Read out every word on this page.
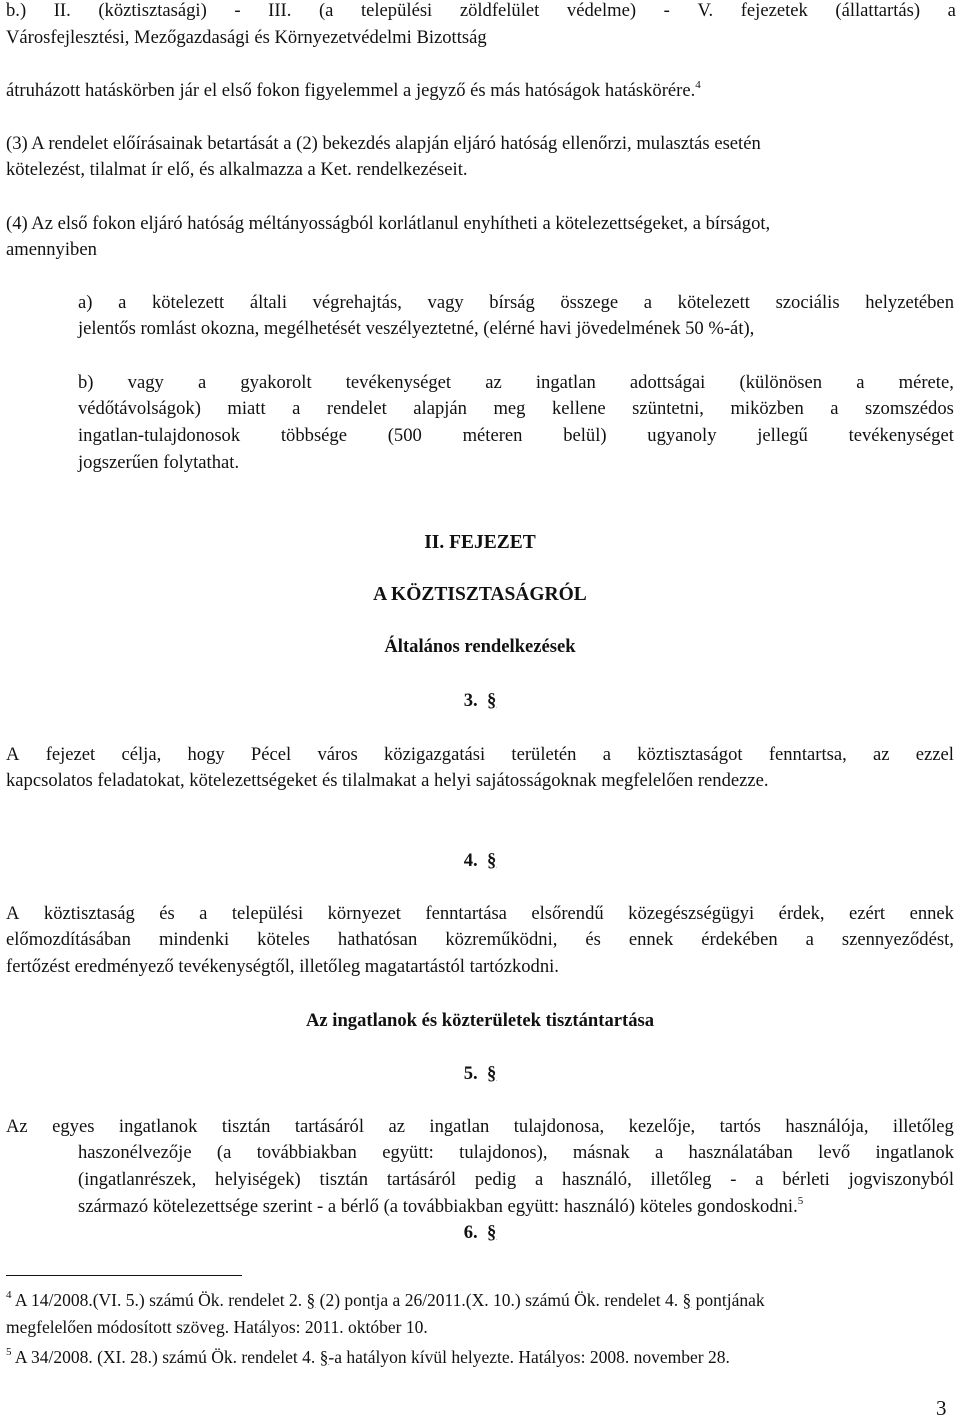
b.) II. (köztisztasági) - III. (a települési zöldfelület védelme) - V. fejezetek (állattartás) a
Városfejlesztési, Mezőgazdasági és Környezetvédelmi Bizottság
átruházott hatáskörben jár el első fokon figyelemmel a jegyző és más hatóságok hatáskörére.$^4$
(3) A rendelet előírásainak betartását a (2) bekezdés alapján eljáró hatóság ellenőrzi, mulasztás esetén
kötelezést, tilalmat ír elő, és alkalmazza a Ket. rendelkezéseit.
(4) Az első fokon eljáró hatóság méltányosságból korlátlanul enyhítheti a kötelezettségeket, a bírságot,
amennyiben
a) a kötelezett általi végrehajtás, vagy bírság összege a kötelezett szociális helyzetében
jelentős romlást okozna, megélhetését veszélyeztetné, (elérné havi jövedelmének 50 %-át),
b) vagy a gyakorolt tevékenységet az ingatlan adottságai (különösen a mérete,
védőtávolságok) miatt a rendelet alapján meg kellene szüntetni, miközben a szomszédos
ingatlan-tulajdonosok többsége (500 méteren belül) ugyanoly jellegű tevékenységet
jogszerűen folytathat.
II. FEJEZET
A KÖZTISZTASÁGRÓL
Általános rendelkezések
3. §
A fejezet célja, hogy Pécel város közigazgatási területén a köztisztaságot fenntartsa, az ezzel
kapcsolatos feladatokat, kötelezettségeket és tilalmakat a helyi sajátosságoknak megfelelően rendezze.
4. §
A köztisztaság és a települési környezet fenntartása elsőrendű közegészségügyi érdek, ezért ennek
előmozdításában mindenki köteles hathatósan közreműködni, és ennek érdekében a szennyeződést,
fertőzést eredményező tevékenységtől, illetőleg magatartástól tartózkodni.
Az ingatlanok és közterületek tisztántartása
5. §
Az egyes ingatlanok tisztán tartásáról az ingatlan tulajdonosa, kezelője, tartós használója, illetőleg
haszonélvezője (a továbbiakban együtt: tulajdonos), másnak a használatában levő ingatlanok
(ingatlanrészek, helyiségek) tisztán tartásáról pedig a használó, illetőleg - a bérleti jogviszonyból
származó kötelezettsége szerint - a bérlő (a továbbiakban együtt: használó) köteles gondoskodni.$^5$
6. §
$^4$ A 14/2008.(VI. 5.) számú Ök. rendelet 2. § (2) pontja a 26/2011.(X. 10.) számú Ök. rendelet 4. § pontjának
megfelelően módosított szöveg. Hatályos: 2011. október 10.
$^5$ A 34/2008. (XI. 28.) számú Ök. rendelet 4. §-a hatályon kívül helyezte. Hatályos: 2008. november 28.
3
